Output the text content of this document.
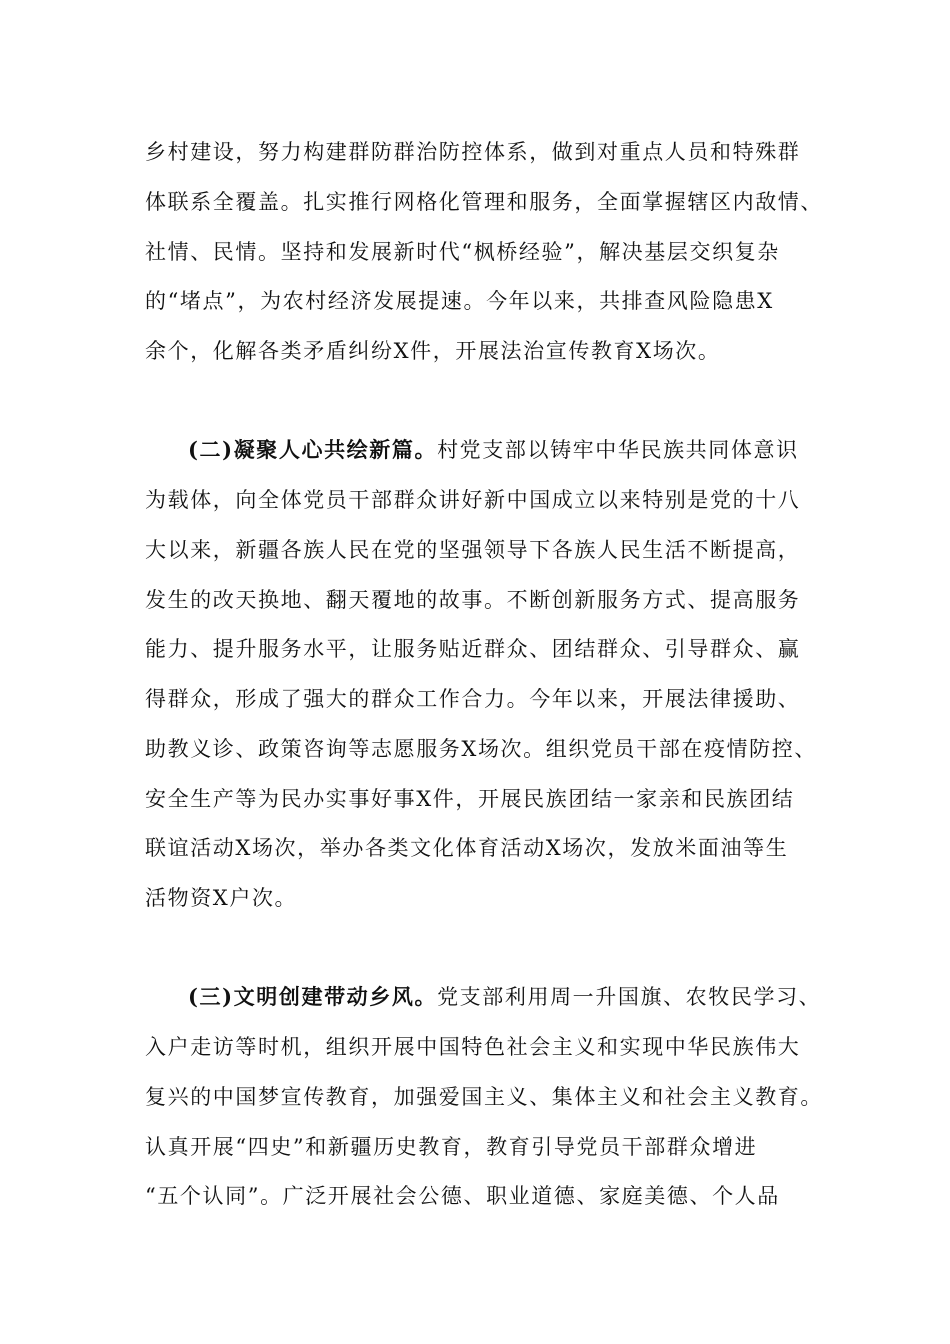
乡村建设，努力构建群防群治防控体系，做到对重点人员和特殊群
体联系全覆盖。扎实推行网格化管理和服务，全面掌握辖区内敌情、
社情、民情。坚持和发展新时代“枫桥经验”，解决基层交织复杂
的“堵点”，为农村经济发展提速。今年以来，共排查风险隐患X
余个，化解各类矛盾纠纷X件，开展法治宣传教育X场次。
(二)凝聚人心共绘新篇。村党支部以铸牢中华民族共同体意识
为载体，向全体党员干部群众讲好新中国成立以来特别是党的十八
大以来，新疆各族人民在党的坚强领导下各族人民生活不断提高，
发生的改天换地、翻天覆地的故事。不断创新服务方式、提高服务
能力、提升服务水平，让服务贴近群众、团结群众、引导群众、赢
得群众，形成了强大的群众工作合力。今年以来，开展法律援助、
助教义诊、政策咨询等志愿服务X场次。组织党员干部在疫情防控、
安全生产等为民办实事好事X件，开展民族团结一家亲和民族团结
联谊活动X场次，举办各类文化体育活动X场次，发放米面油等生
活物资X户次。
(三)文明创建带动乡风。党支部利用周一升国旗、农牧民学习、
入户走访等时机，组织开展中国特色社会主义和实现中华民族伟大
复兴的中国梦宣传教育，加强爱国主义、集体主义和社会主义教育。
认真开展“四史”和新疆历史教育，教育引导党员干部群众增进
“五个认同”。广泛开展社会公德、职业道德、家庭美德、个人品
